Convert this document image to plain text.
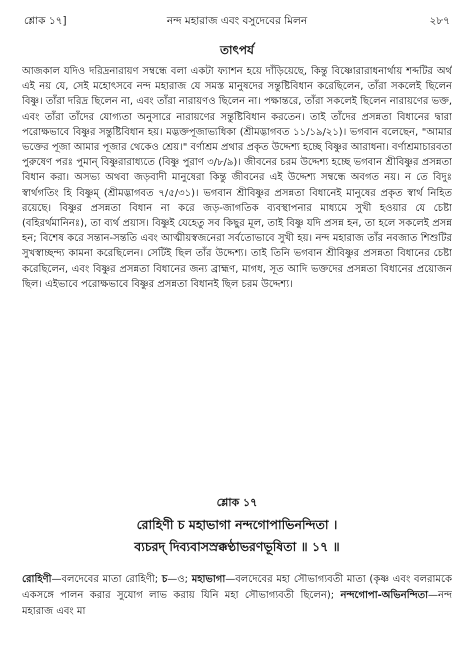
শ্লোক ১৭]	নন্দ মহারাজ এবং বসুদেবের মিলন	২৮৭
তাৎপর্য

আজকাল যদিও দরিদ্রনারায়ণ সম্বন্ধে বলা একটা ফ্যাশন হয়ে দাঁড়িয়েছে, কিন্তু বিষ্ণোরারাধনার্থায় শব্দটির অর্থ এই নয় যে, সেই মহোৎসবে নন্দ মহারাজ যে সমস্ত মানুষদের সন্তুষ্টিবিধান করেছিলেন, তাঁরা সকলেই ছিলেন বিষ্ণু। তাঁরা দরিদ্র ছিলেন না, এবং তাঁরা নারায়ণও ছিলেন না। পক্ষান্তরে, তাঁরা সকলেই ছিলেন নারায়ণের ভক্ত, এবং তাঁরা তাঁদের যোগ্যতা অনুসারে নারায়ণের সন্তুষ্টিবিধান করতেন। তাই তাঁদের প্রসন্নতা বিধানের দ্বারা পরোক্ষভাবে বিষ্ণুর সন্তুষ্টিবিধান হয়। মদ্ভক্তপূজাভ্যধিকা (শ্রীমদ্ভাগবত ১১/১৯/২১)। ভগবান বলেছেন, "আমার ভক্তের পূজা আমার পূজার থেকেও শ্রেয়।" বর্ণাশ্রম প্রথার প্রকৃত উদ্দেশ্য হচ্ছে বিষ্ণুর আরাধনা। বর্ণাশ্রমাচারবতা পুরুষেণ পরঃ পুমান্ বিষ্ণুরারাধ্যতে (বিষ্ণু পুরাণ ৩/৮/৯)। জীবনের চরম উদ্দেশ্য হচ্ছে ভগবান শ্রীবিষ্ণুর প্রসন্নতা বিধান করা। অসভ্য অথবা জড়বাদী মানুষেরা কিন্তু জীবনের এই উদ্দেশ্য সম্বন্ধে অবগত নয়। ন তে বিদুঃ স্বার্থগতিং হি বিষ্ণুম্ (শ্রীমদ্ভাগবত ৭/৫/৩১)। ভগবান শ্রীবিষ্ণুর প্রসন্নতা বিধানেই মানুষের প্রকৃত স্বার্থ নিহিত রয়েছে। বিষ্ণুর প্রসন্নতা বিধান না করে জড়-জাগতিক ব্যবস্থাপনার মাধ্যমে সুখী হওয়ার যে চেষ্টা (বহিরর্থমানিনঃ), তা ব্যর্থ প্রয়াস। বিষ্ণুই যেহেতু সব কিছুর মূল, তাই বিষ্ণু যদি প্রসন্ন হন, তা হলে সকলেই প্রসন্ন হন; বিশেষ করে সন্তান-সন্ততি এবং আত্মীয়স্বজনেরা সর্বতোভাবে সুখী হয়। নন্দ মহারাজ তাঁর নবজাত শিশুটির সুখস্বাচ্ছন্দ্য কামনা করেছিলেন। সেটিই ছিল তাঁর উদ্দেশ্য। তাই তিনি ভগবান শ্রীবিষ্ণুর প্রসন্নতা বিধানের চেষ্টা করেছিলেন, এবং বিষ্ণুর প্রসন্নতা বিধানের জন্য ব্রাহ্মণ, মাগধ, সূত আদি ভক্তদের প্রসন্নতা বিধানের প্রয়োজন ছিল। এইভাবে পরোক্ষভাবে বিষ্ণুর প্রসন্নতা বিধানই ছিল চরম উদ্দেশ্য।

শ্লোক ১৭
রোহিণী চ মহাভাগা নন্দগোপাভিনন্দিতা ।
ব্যচরদ্ দিব্যবাসস্রক্কণ্ঠাভরণভূষিতা ॥ ১৭ ॥

রোহিণী—বলদেবের মাতা রোহিণী; চ—ও; মহাভাগা—বলদেবের মহা সৌভাগ্যবতী মাতা (কৃষ্ণ এবং বলরামকে একসঙ্গে পালন করার সুযোগ লাভ করায় যিনি মহা সৌভাগ্যবতী ছিলেন); নন্দগোপা-অভিনন্দিতা—নন্দ মহারাজ এবং মা
